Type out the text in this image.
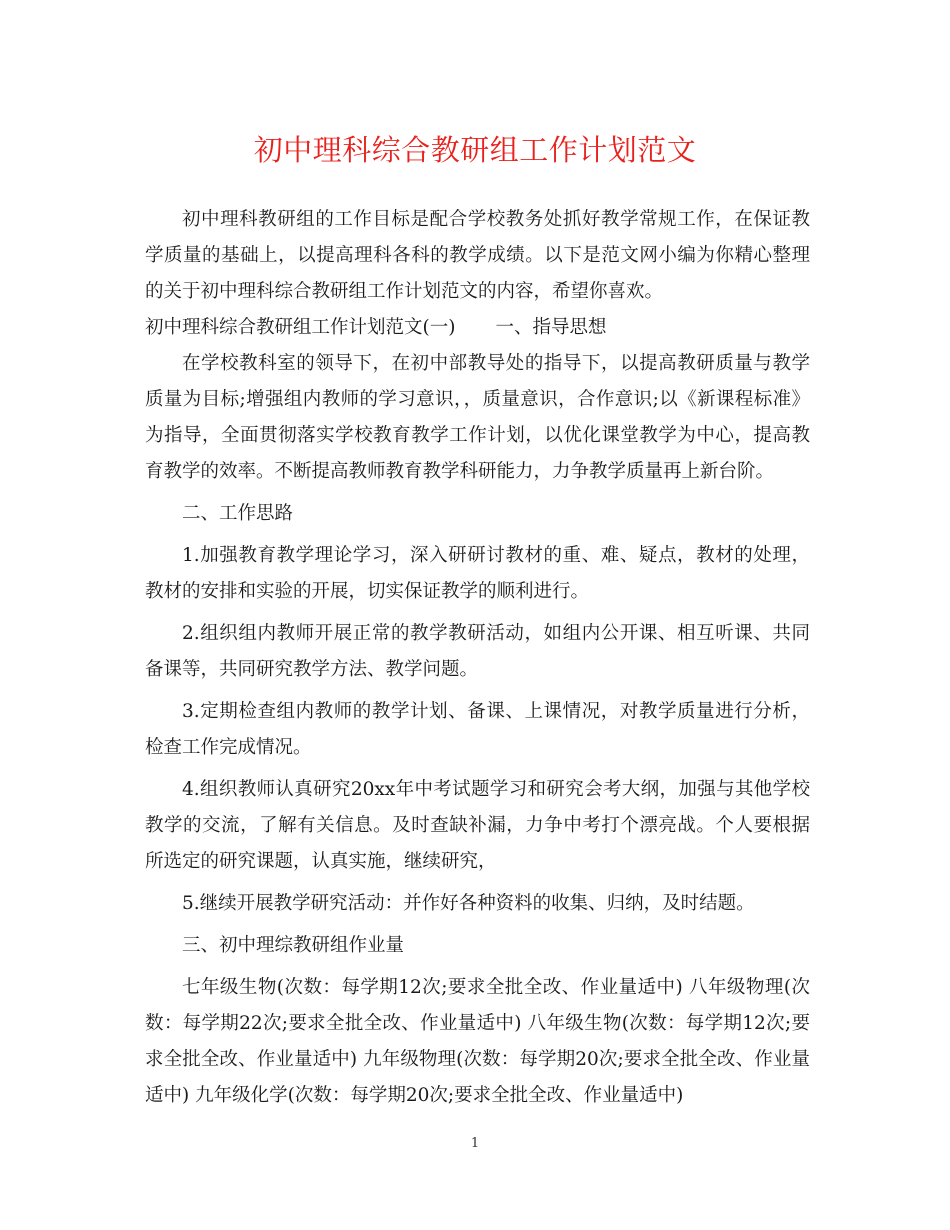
初中理科综合教研组工作计划范文

初中理科教研组的工作目标是配合学校教务处抓好教学常规工作，在保证教学质量的基础上，以提高理科各科的教学成绩。以下是范文网小编为你精心整理的关于初中理科综合教研组工作计划范文的内容，希望你喜欢。

初中理科综合教研组工作计划范文(一) 一、指导思想

在学校教科室的领导下，在初中部教导处的指导下，以提高教研质量与教学质量为目标;增强组内教师的学习意识，，质量意识，合作意识;以《新课程标准》为指导，全面贯彻落实学校教育教学工作计划，以优化课堂教学为中心，提高教育教学的效率。不断提高教师教育教学科研能力，力争教学质量再上新台阶。

二、工作思路

1.加强教育教学理论学习，深入研研讨教材的重、难、疑点，教材的处理，教材的安排和实验的开展，切实保证教学的顺利进行。

2.组织组内教师开展正常的教学教研活动，如组内公开课、相互听课、共同备课等，共同研究教学方法、教学问题。

3.定期检查组内教师的教学计划、备课、上课情况，对教学质量进行分析，检查工作完成情况。

4.组织教师认真研究20xx年中考试题学习和研究会考大纲，加强与其他学校教学的交流，了解有关信息。及时查缺补漏，力争中考打个漂亮战。个人要根据所选定的研究课题，认真实施，继续研究，

5.继续开展教学研究活动：并作好各种资料的收集、归纳，及时结题。

三、初中理综教研组作业量

七年级生物(次数：每学期12次;要求全批全改、作业量适中) 八年级物理(次数：每学期22次;要求全批全改、作业量适中) 八年级生物(次数：每学期12次;要求全批全改、作业量适中) 九年级物理(次数：每学期20次;要求全批全改、作业量适中) 九年级化学(次数：每学期20次;要求全批全改、作业量适中)

1
